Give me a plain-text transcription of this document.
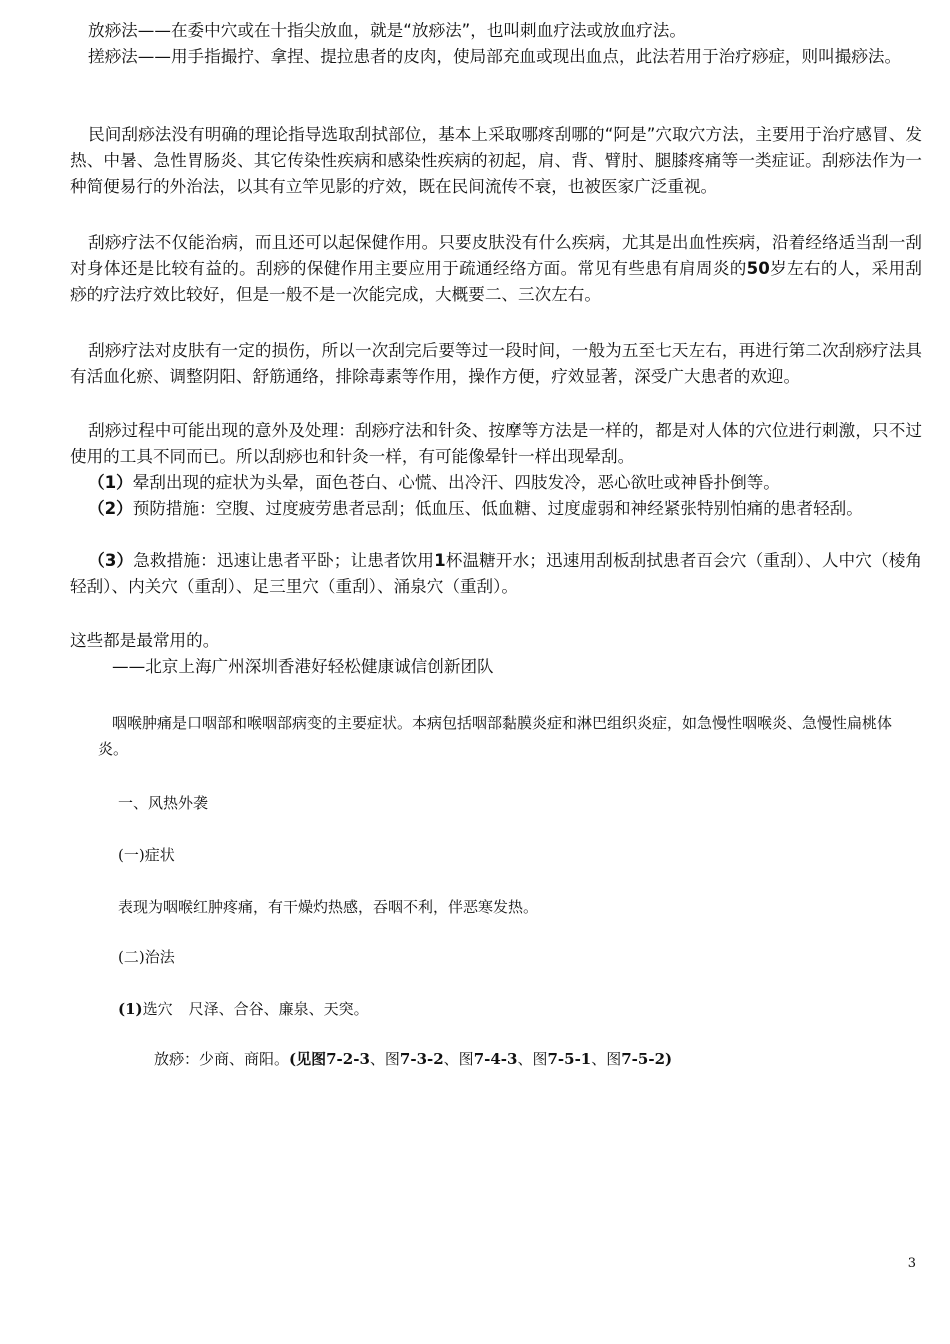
放痧法——在委中穴或在十指尖放血，就是“放痧法”，也叫刺血疗法或放血疗法。

搓痧法——用手指撮拧、拿捏、提拉患者的皮肉，使局部充血或现出血点，此法若用于治疗痧症，则叫撮痧法。

民间刮痧法没有明确的理论指导选取刮拭部位，基本上采取哪疼刮哪的“阿是”穴取穴方法，主要用于治疗感冒、发热、中暑、急性胃肠炎、其它传染性疾病和感染性疾病的初起，肩、背、臂肘、腿膝疼痛等一类症证。刮痧法作为一种简便易行的外治法，以其有立竿见影的疗效，既在民间流传不衰，也被医家广泛重视。

刮痧疗法不仅能治病，而且还可以起保健作用。只要皮肤没有什么疾病，尤其是出血性疾病，沿着经络适当刮一刮对身体还是比较有益的。刮痧的保健作用主要应用于疏通经络方面。常见有些患有肩周炎的50岁左右的人，采用刮痧的疗法疗效比较好，但是一般不是一次能完成，大概要二、三次左右。

刮痧疗法对皮肤有一定的损伤，所以一次刮完后要等过一段时间，一般为五至七天左右，再进行第二次刮痧疗法具有活血化瘀、调整阴阳、舒筋通络，排除毒素等作用，操作方便，疗效显著，深受广大患者的欢迎。

刮痧过程中可能出现的意外及处理：刮痧疗法和针灸、按摩等方法是一样的，都是对人体的穴位进行刺激，只不过使用的工具不同而已。所以刮痧也和针灸一样，有可能像晕针一样出现晕刮。

（1）晕刮出现的症状为头晕，面色苍白、心慌、出冷汗、四肢发冷，恶心欲吐或神昏扑倒等。

（2）预防措施：空腹、过度疲劳患者忌刮；低血压、低血糖、过度虚弱和神经紧张特别怕痛的患者轻刮。

（3）急救措施：迅速让患者平卧；让患者饮用1杯温糖开水；迅速用刮板刮拭患者百会穴（重刮）、人中穴（棱角轻刮）、内关穴（重刮）、足三里穴（重刮）、涌泉穴（重刮）。

这些都是最常用的。

——北京上海广州深圳香港好轻松健康诚信创新团队

咽喉肿痛是口咽部和喉咽部病变的主要症状。本病包括咽部黏膜炎症和淋巴组织炎症，如急慢性咽喉炎、急慢性扁桃体炎。

一、风热外袭

(一)症状

表现为咽喉红肿疼痛，有干燥灼热感，吞咽不利，伴恶寒发热。

(二)治法

(1)选穴 尺泽、合谷、廉泉、天突。

放痧：少商、商阳。(见图7-2-3、图7-3-2、图7-4-3、图7-5-1、图7-5-2)

3
